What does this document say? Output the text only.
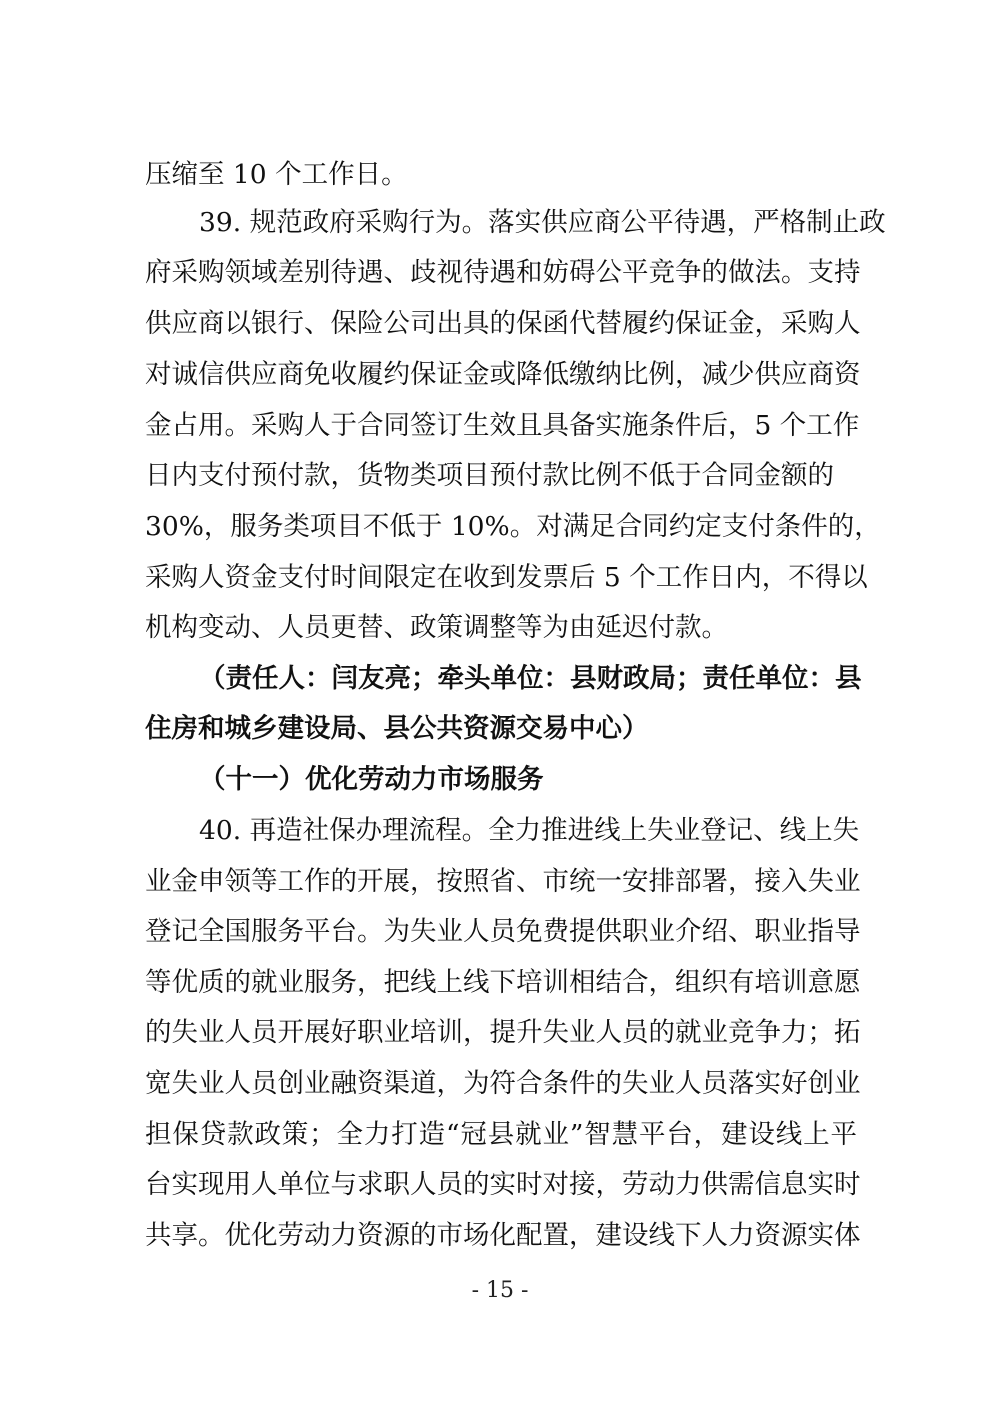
压缩至 10 个工作日。
39. 规范政府采购行为。落实供应商公平待遇，严格制止政
府采购领域差别待遇、歧视待遇和妨碍公平竞争的做法。支持
供应商以银行、保险公司出具的保函代替履约保证金，采购人
对诚信供应商免收履约保证金或降低缴纳比例，减少供应商资
金占用。采购人于合同签订生效且具备实施条件后，5 个工作
日内支付预付款，货物类项目预付款比例不低于合同金额的
30%，服务类项目不低于 10%。对满足合同约定支付条件的，
采购人资金支付时间限定在收到发票后 5 个工作日内，不得以
机构变动、人员更替、政策调整等为由延迟付款。
（责任人：闫友亮；牵头单位：县财政局；责任单位：县
住房和城乡建设局、县公共资源交易中心）
（十一）优化劳动力市场服务
40. 再造社保办理流程。全力推进线上失业登记、线上失
业金申领等工作的开展，按照省、市统一安排部署，接入失业
登记全国服务平台。为失业人员免费提供职业介绍、职业指导
等优质的就业服务，把线上线下培训相结合，组织有培训意愿
的失业人员开展好职业培训，提升失业人员的就业竞争力；拓
宽失业人员创业融资渠道，为符合条件的失业人员落实好创业
担保贷款政策；全力打造“冠县就业”智慧平台，建设线上平
台实现用人单位与求职人员的实时对接，劳动力供需信息实时
共享。优化劳动力资源的市场化配置，建设线下人力资源实体
- 15 -
